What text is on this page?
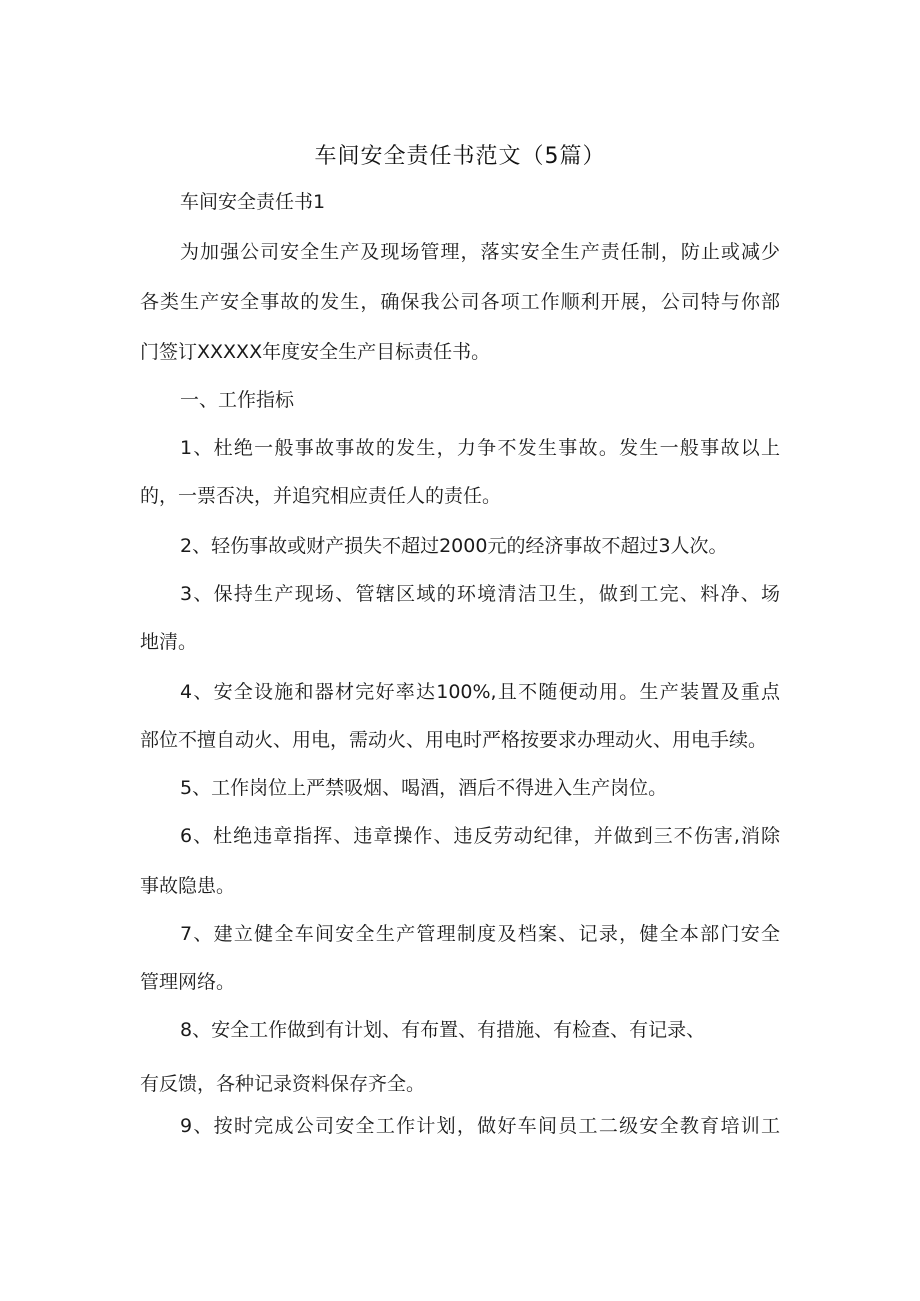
车间安全责任书范文（5篇）
车间安全责任书1
为加强公司安全生产及现场管理，落实安全生产责任制，防止或减少
各类生产安全事故的发生，确保我公司各项工作顺利开展，公司特与你部
门签订XXXXX年度安全生产目标责任书。
一、工作指标
1、杜绝一般事故事故的发生，力争不发生事故。发生一般事故以上
的，一票否决，并追究相应责任人的责任。
2、轻伤事故或财产损失不超过2000元的经济事故不超过3人次。
3、保持生产现场、管辖区域的环境清洁卫生，做到工完、料净、场
地清。
4、安全设施和器材完好率达100%,且不随便动用。生产装置及重点
部位不擅自动火、用电，需动火、用电时严格按要求办理动火、用电手续。
5、工作岗位上严禁吸烟、喝酒，酒后不得进入生产岗位。
6、杜绝违章指挥、违章操作、违反劳动纪律，并做到三不伤害,消除
事故隐患。
7、建立健全车间安全生产管理制度及档案、记录，健全本部门安全
管理网络。
8、安全工作做到有计划、有布置、有措施、有检查、有记录、
有反馈，各种记录资料保存齐全。
9、按时完成公司安全工作计划，做好车间员工二级安全教育培训工
